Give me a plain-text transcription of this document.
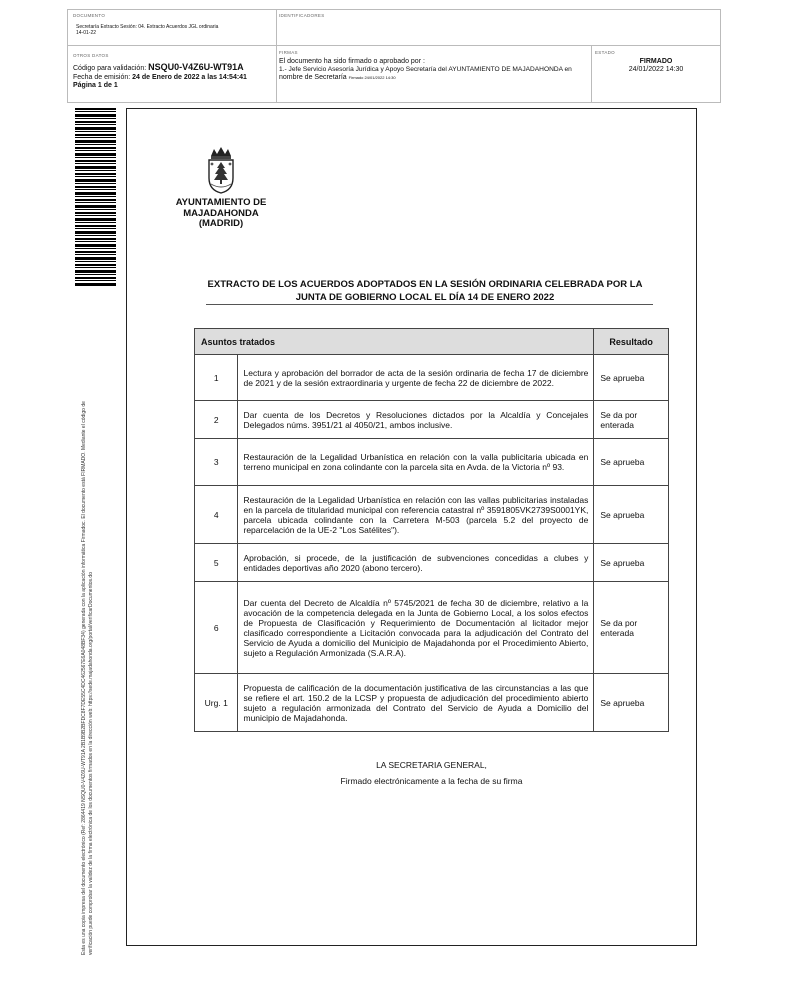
DOCUMENTO
Secretaría Extracto Sesión: 04. Extracto Acuerdos JGL ordinaria
14-01-22
IDENTIFICADORES
OTROS DATOS
Código para validación: NSQU0-V4Z6U-WT91A
Fecha de emisión: 24 de Enero de 2022 a las 14:54:41
Página 1 de 1
FIRMAS
El documento ha sido firmado o aprobado por :
1.- Jefe Servicio Asesoría Jurídica y Apoyo Secretaría del AYUNTAMIENTO DE MAJADAHONDA en
nombre de Secretaría Firmado 24/01/2022 14:30
ESTADO
FIRMADO
24/01/2022 14:30
Esta es una copia impresa del documento electrónico (Ref: 2864419 NSQU0-V4Z6U-WT91A 2B1B9B2BFDC8F7DE55C4DC462567E6A048BF34) generada con la aplicación informática Firmadoc. El documento está FIRMADO. Mediante el código de verificación puede comprobar la validez de la firma electrónica de los documentos firmados en la dirección web: https://sede.majadahonda.org/portal/verificarDocumentos.do
AYUNTAMIENTO DE
MAJADAHONDA
(MADRID)
EXTRACTO DE LOS ACUERDOS ADOPTADOS EN LA SESIÓN ORDINARIA CELEBRADA POR LA
JUNTA DE GOBIERNO LOCAL EL DÍA 14 DE ENERO 2022
Asuntos tratados		Resultado
1	Lectura y aprobación del borrador de acta de la sesión ordinaria de fecha 17 de diciembre de 2021 y de la sesión extraordinaria y urgente de fecha 22 de diciembre de 2022.	Se aprueba
2	Dar cuenta de los Decretos y Resoluciones dictados por la Alcaldía y Concejales Delegados núms. 3951/21 al 4050/21, ambos inclusive.	Se da por enterada
3	Restauración de la Legalidad Urbanística en relación con la valla publicitaria ubicada en terreno municipal en zona colindante con la parcela sita en Avda. de la Victoria nº 93.	Se aprueba
4	Restauración de la Legalidad Urbanística en relación con las vallas publicitarias instaladas en la parcela de titularidad municipal con referencia catastral nº 3591805VK2739S0001YK, parcela ubicada colindante con la Carretera M-503 (parcela 5.2 del proyecto de reparcelación de la UE-2 "Los Satélites").	Se aprueba
5	Aprobación, si procede, de la justificación de subvenciones concedidas a clubes y entidades deportivas año 2020 (abono tercero).	Se aprueba
6	Dar cuenta del Decreto de Alcaldía nº 5745/2021 de fecha 30 de diciembre, relativo a la avocación de la competencia delegada en la Junta de Gobierno Local, a los solos efectos de Propuesta de Clasificación y Requerimiento de Documentación al licitador mejor clasificado correspondiente a Licitación convocada para la adjudicación del Contrato del Servicio de Ayuda a domicilio del Municipio de Majadahonda por el Procedimiento Abierto, sujeto a Regulación Armonizada (S.A.R.A).	Se da por enterada
Urg. 1	Propuesta de calificación de la documentación justificativa de las circunstancias a las que se refiere el art. 150.2 de la LCSP y propuesta de adjudicación del procedimiento abierto sujeto a regulación armonizada del Contrato del Servicio de Ayuda a Domicilio del municipio de Majadahonda.	Se aprueba
LA SECRETARIA GENERAL,
Firmado electrónicamente a la fecha de su firma
